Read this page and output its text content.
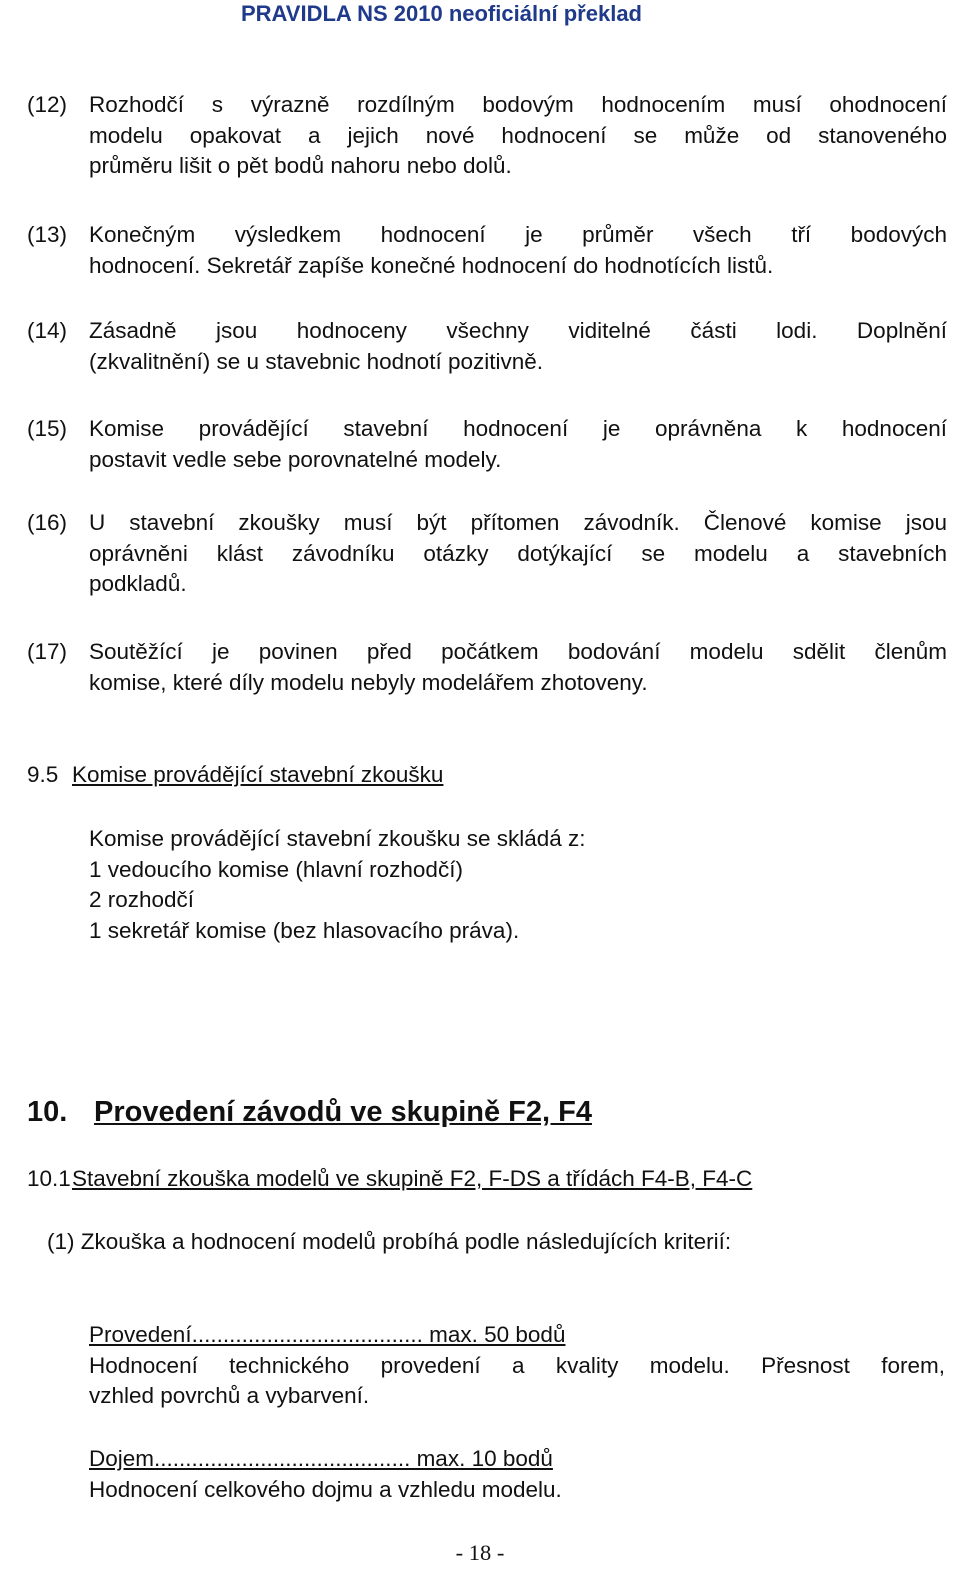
PRAVIDLA NS 2010 neoficiální překlad
(12) Rozhodčí s výrazně rozdílným bodovým hodnocením musí ohodnocení
modelu opakovat a jejich nové hodnocení se může od stanoveného
průměru lišit o pět bodů nahoru nebo dolů.
(13) Konečným výsledkem hodnocení je průměr všech tří bodových
hodnocení. Sekretář zapíše konečné hodnocení do hodnotících listů.
(14) Zásadně jsou hodnoceny všechny viditelné části lodi. Doplnění
(zkvalitnění) se u stavebnic hodnotí pozitivně.
(15) Komise provádějící stavební hodnocení je oprávněna k hodnocení
postavit vedle sebe porovnatelné modely.
(16) U stavební zkoušky musí být přítomen závodník. Členové komise jsou
oprávněni klást závodníku otázky dotýkající se modelu a stavebních
podkladů.
(17) Soutěžící je povinen před počátkem bodování modelu sdělit členům
komise, které díly modelu nebyly modelářem zhotoveny.
9.5 Komise provádějící stavební zkoušku
Komise provádějící stavební zkoušku se skládá z:
1 vedoucího komise (hlavní rozhodčí)
2 rozhodčí
1 sekretář komise (bez hlasovacího práva).
10. Provedení závodů ve skupině F2, F4
10.1 Stavební zkouška modelů ve skupině F2, F-DS a třídách F4-B, F4-C
(1) Zkouška a hodnocení modelů probíhá podle následujících kriterií:
Provedení..................................... max. 50 bodů
Hodnocení technického provedení a kvality modelu. Přesnost forem,
vzhled povrchů a vybarvení.
Dojem......................................... max. 10 bodů
Hodnocení celkového dojmu a vzhledu modelu.
- 18 -
